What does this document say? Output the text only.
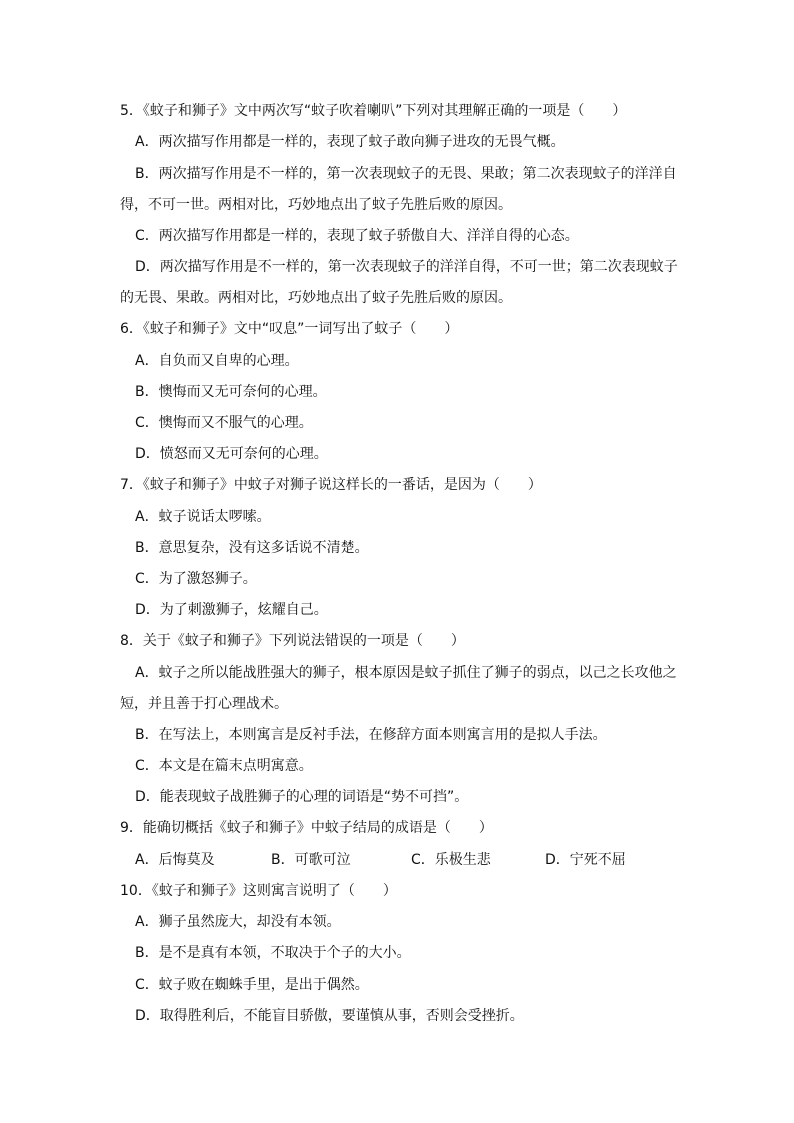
5．《蚊子和狮子》文中两次写“蚊子吹着喇叭”下列对其理解正确的一项是（　　）
A．两次描写作用都是一样的，表现了蚊子敢向狮子进攻的无畏气概。
B．两次描写作用是不一样的，第一次表现蚊子的无畏、果敢；第二次表现蚊子的洋洋自
得，不可一世。两相对比，巧妙地点出了蚊子先胜后败的原因。
C．两次描写作用都是一样的，表现了蚊子骄傲自大、洋洋自得的心态。
D．两次描写作用是不一样的，第一次表现蚊子的洋洋自得，不可一世；第二次表现蚊子
的无畏、果敢。两相对比，巧妙地点出了蚊子先胜后败的原因。
6．《蚊子和狮子》文中“叹息”一词写出了蚊子（　　）
A．自负而又自卑的心理。
B．懊悔而又无可奈何的心理。
C．懊悔而又不服气的心理。
D．愤怒而又无可奈何的心理。
7．《蚊子和狮子》中蚊子对狮子说这样长的一番话，是因为（　　）
A．蚊子说话太啰嗦。
B．意思复杂，没有这多话说不清楚。
C．为了激怒狮子。
D．为了刺激狮子，炫耀自己。
8．关于《蚊子和狮子》下列说法错误的一项是（　　）
A．蚊子之所以能战胜强大的狮子，根本原因是蚊子抓住了狮子的弱点，以己之长攻他之
短，并且善于打心理战术。
B．在写法上，本则寓言是反衬手法，在修辞方面本则寓言用的是拟人手法。
C．本文是在篇末点明寓意。
D．能表现蚊子战胜狮子的心理的词语是“势不可挡”。
9．能确切概括《蚊子和狮子》中蚊子结局的成语是（　　）
A．后悔莫及	B．可歌可泣	C．乐极生悲	D．宁死不屈
10．《蚊子和狮子》这则寓言说明了（　　）
A．狮子虽然庞大，却没有本领。
B．是不是真有本领，不取决于个子的大小。
C．蚊子败在蜘蛛手里，是出于偶然。
D．取得胜利后，不能盲目骄傲，要谨慎从事，否则会受挫折。
